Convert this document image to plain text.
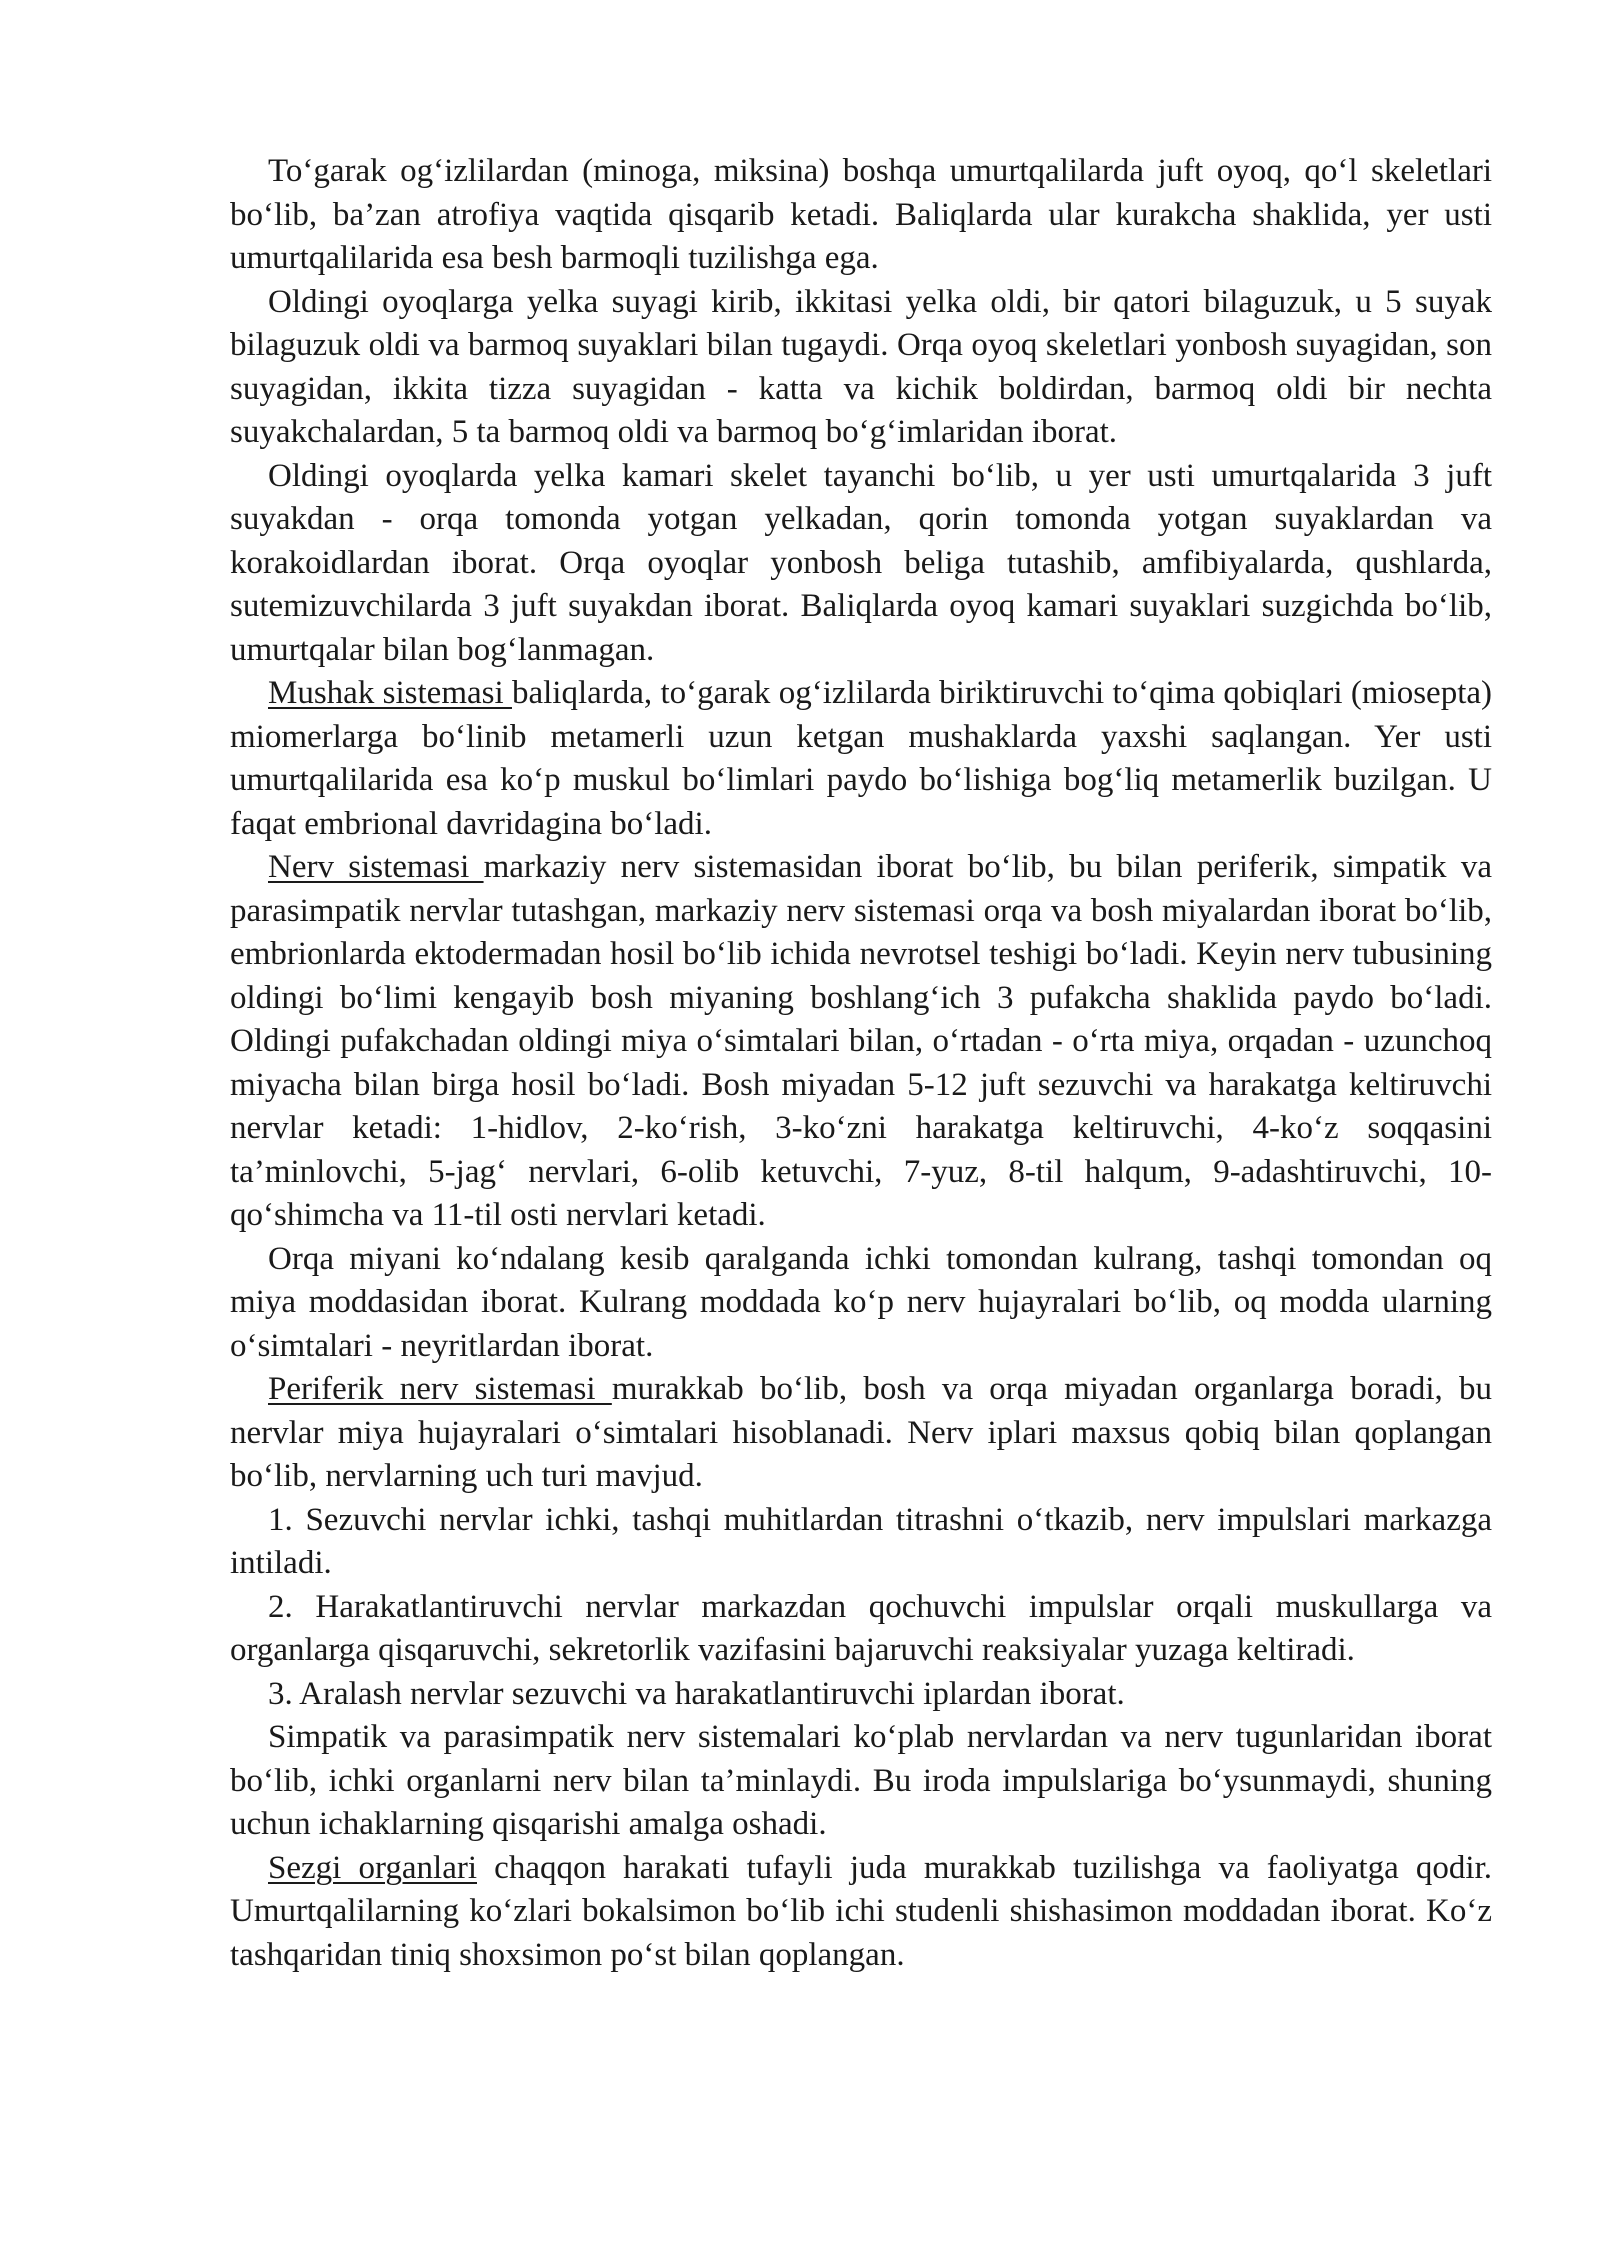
To‘garak og‘izlilardan (minoga, miksina) boshqa umurtqalilarda juft oyoq, qo‘l skeletlari bo‘lib, ba’zan atrofiya vaqtida qisqarib ketadi. Baliqlarda ular kurakcha shaklida, yer usti umurtqalilarida esa besh barmoqli tuzilishga ega.

Oldingi oyoqlarga yelka suyagi kirib, ikkitasi yelka oldi, bir qatori bilaguzuk, u 5 suyak bilaguzuk oldi va barmoq suyaklari bilan tugaydi. Orqa oyoq skeletlari yonbosh suyagidan, son suyagidan, ikkita tizza suyagidan - katta va kichik boldirdan, barmoq oldi bir nechta suyakchalardan, 5 ta barmoq oldi va barmoq bo‘g‘imlaridan iborat.

Oldingi oyoqlarda yelka kamari skelet tayanchi bo‘lib, u yer usti umurtqalarida 3 juft suyakdan - orqa tomonda yotgan yelkadan, qorin tomonda yotgan suyaklardan va korakoidlardan iborat. Orqa oyoqlar yonbosh beliga tutashib, amfibiyalarda, qushlarda, sutemizuvchilarda 3 juft suyakdan iborat. Baliqlarda oyoq kamari suyaklari suzgichda bo‘lib, umurtqalar bilan bog‘lanmagan.

Mushak sistemasi baliqlarda, to‘garak og‘izlilarda biriktiruvchi to‘qima qobiqlari (miosepta) miomerlarga bo‘linib metamerli uzun ketgan mushaklarda yaxshi saqlangan. Yer usti umurtqalilarida esa ko‘p muskul bo‘limlari paydo bo‘lishiga bog‘liq metamerlik buzilgan. U faqat embrional davridagina bo‘ladi.

Nerv sistemasi markaziy nerv sistemasidan iborat bo‘lib, bu bilan periferik, simpatik va parasimpatik nervlar tutashgan, markaziy nerv sistemasi orqa va bosh miyalardan iborat bo‘lib, embrionlarda ektodermadan hosil bo‘lib ichida nevrotsel teshigi bo‘ladi. Keyin nerv tubusining oldingi bo‘limi kengayib bosh miyaning boshlang‘ich 3 pufakcha shaklida paydo bo‘ladi. Oldingi pufakchadan oldingi miya o‘simtalari bilan, o‘rtadan - o‘rta miya, orqadan - uzunchoq miyacha bilan birga hosil bo‘ladi. Bosh miyadan 5-12 juft sezuvchi va harakatga keltiruvchi nervlar ketadi: 1-hidlov, 2-ko‘rish, 3-ko‘zni harakatga keltiruvchi, 4-ko‘z soqqasini ta’minlovchi, 5-jag‘ nervlari, 6-olib ketuvchi, 7-yuz, 8-til halqum, 9-adashtiruvchi, 10-qo‘shimcha va 11-til osti nervlari ketadi.

Orqa miyani ko‘ndalang kesib qaralganda ichki tomondan kulrang, tashqi tomondan oq miya moddasidan iborat. Kulrang moddada ko‘p nerv hujayralari bo‘lib, oq modda ularning o‘simtalari - neyritlardan iborat.

Periferik nerv sistemasi murakkab bo‘lib, bosh va orqa miyadan organlarga boradi, bu nervlar miya hujayralari o‘simtalari hisoblanadi. Nerv iplari maxsus qobiq bilan qoplangan bo‘lib, nervlarning uch turi mavjud.

1. Sezuvchi nervlar ichki, tashqi muhitlardan titrashni o‘tkazib, nerv impulslari markazga intiladi.

2. Harakatlantiruvchi nervlar markazdan qochuvchi impulslar orqali muskullarga va organlarga qisqaruvchi, sekretorlik vazifasini bajaruvchi reaksiyalar yuzaga keltiradi.

3. Aralash nervlar sezuvchi va harakatlantiruvchi iplardan iborat.

Simpatik va parasimpatik nerv sistemalari ko‘plab nervlardan va nerv tugunlaridan iborat bo‘lib, ichki organlarni nerv bilan ta’minlaydi. Bu iroda impulslariga bo‘ysunmaydi, shuning uchun ichaklarning qisqarishi amalga oshadi.

Sezgi organlari chaqqon harakati tufayli juda murakkab tuzilishga va faoliyatga qodir. Umurtqalilarning ko‘zlari bokalsimon bo‘lib ichi studenli shishasimon moddadan iborat. Ko‘z tashqaridan tiniq shoxsimon po‘st bilan qoplangan.
